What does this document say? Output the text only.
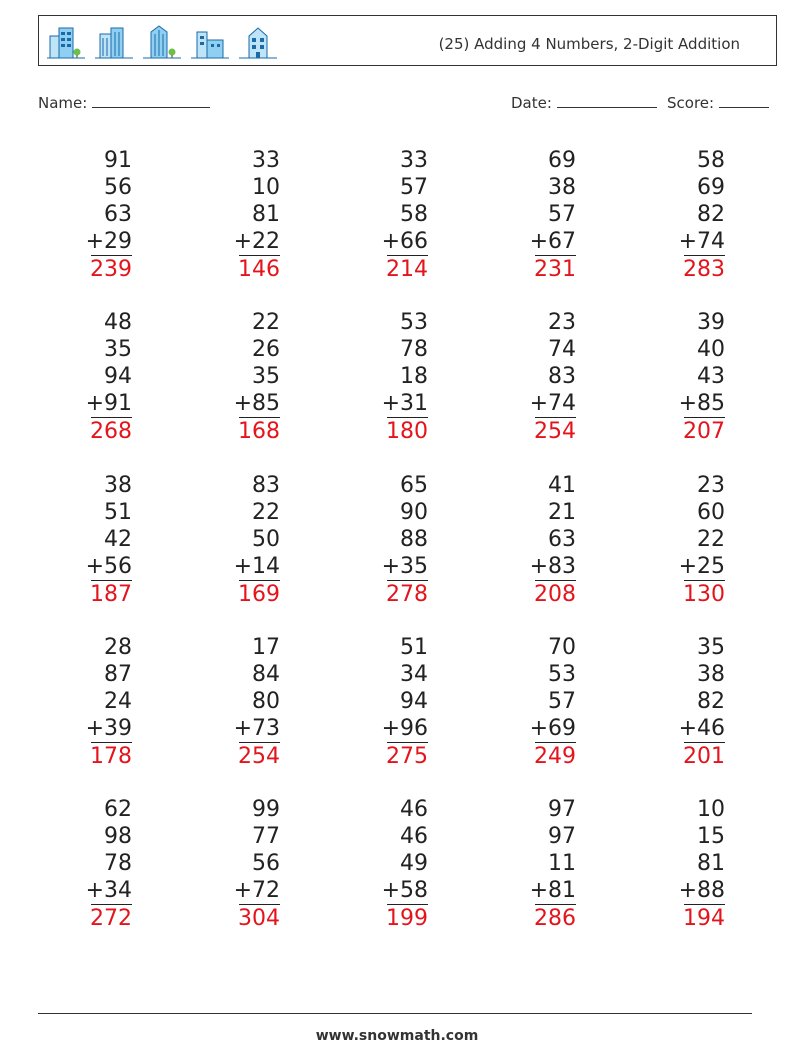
(25) Adding 4 Numbers, 2-Digit Addition
Name:	Date:	Score:
91
56
63
+29
239
33
10
81
+22
146
33
57
58
+66
214
69
38
57
+67
231
58
69
82
+74
283
48
35
94
+91
268
22
26
35
+85
168
53
78
18
+31
180
23
74
83
+74
254
39
40
43
+85
207
38
51
42
+56
187
83
22
50
+14
169
65
90
88
+35
278
41
21
63
+83
208
23
60
22
+25
130
28
87
24
+39
178
17
84
80
+73
254
51
34
94
+96
275
70
53
57
+69
249
35
38
82
+46
201
62
98
78
+34
272
99
77
56
+72
304
46
46
49
+58
199
97
97
11
+81
286
10
15
81
+88
194
www.snowmath.com
